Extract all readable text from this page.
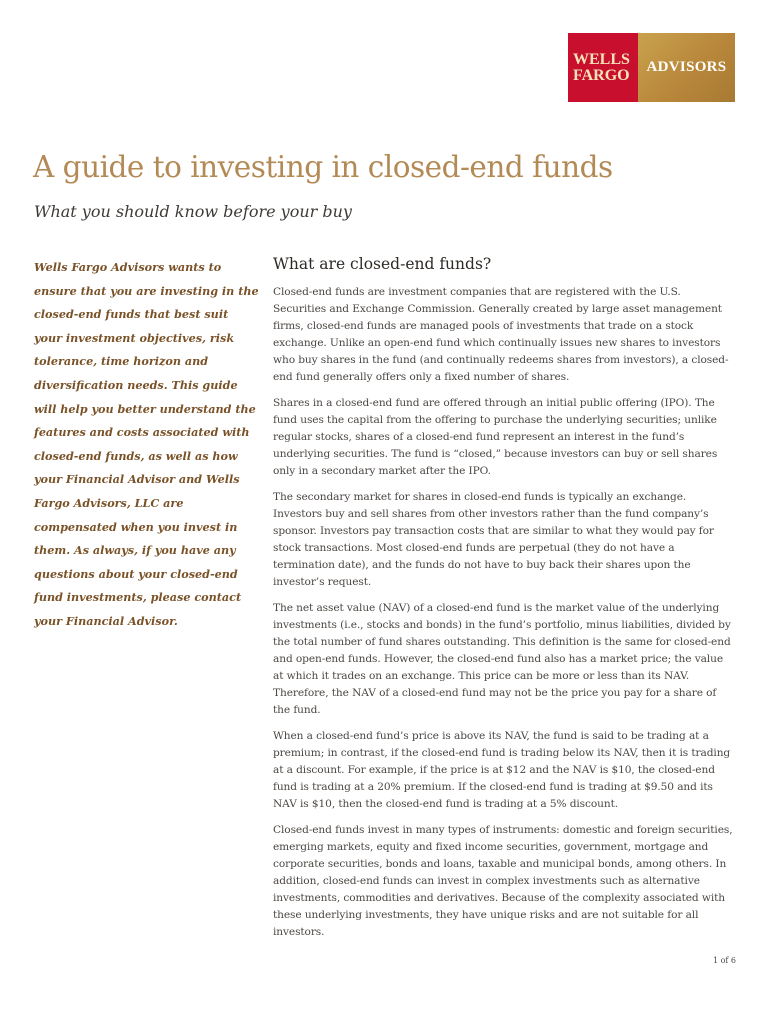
WELLS
FARGO	ADVISORS
A guide to investing in closed-end funds

What you should know before your buy

Wells Fargo Advisors wants to ensure that you are investing in the closed-end funds that best suit your investment objectives, risk tolerance, time horizon and diversification needs. This guide will help you better understand the features and costs associated with closed-end funds, as well as how your Financial Advisor and Wells Fargo Advisors, LLC are compensated when you invest in them. As always, if you have any questions about your closed-end fund investments, please contact your Financial Advisor.

What are closed-end funds?

Closed-end funds are investment companies that are registered with the U.S. Securities and Exchange Commission. Generally created by large asset management firms, closed-end funds are managed pools of investments that trade on a stock exchange. Unlike an open-end fund which continually issues new shares to investors who buy shares in the fund (and continually redeems shares from investors), a closed-end fund generally offers only a fixed number of shares.

Shares in a closed-end fund are offered through an initial public offering (IPO). The fund uses the capital from the offering to purchase the underlying securities; unlike regular stocks, shares of a closed-end fund represent an interest in the fund’s underlying securities. The fund is “closed,” because investors can buy or sell shares only in a secondary market after the IPO.

The secondary market for shares in closed-end funds is typically an exchange. Investors buy and sell shares from other investors rather than the fund company’s sponsor. Investors pay transaction costs that are similar to what they would pay for stock transactions. Most closed-end funds are perpetual (they do not have a termination date), and the funds do not have to buy back their shares upon the investor’s request.

The net asset value (NAV) of a closed-end fund is the market value of the underlying investments (i.e., stocks and bonds) in the fund’s portfolio, minus liabilities, divided by the total number of fund shares outstanding. This definition is the same for closed-end and open-end funds. However, the closed-end fund also has a market price; the value at which it trades on an exchange. This price can be more or less than its NAV. Therefore, the NAV of a closed-end fund may not be the price you pay for a share of the fund.

When a closed-end fund’s price is above its NAV, the fund is said to be trading at a premium; in contrast, if the closed-end fund is trading below its NAV, then it is trading at a discount. For example, if the price is at $12 and the NAV is $10, the closed-end fund is trading at a 20% premium. If the closed-end fund is trading at $9.50 and its NAV is $10, then the closed-end fund is trading at a 5% discount.

Closed-end funds invest in many types of instruments: domestic and foreign securities, emerging markets, equity and fixed income securities, government, mortgage and corporate securities, bonds and loans, taxable and municipal bonds, among others. In addition, closed-end funds can invest in complex investments such as alternative investments, commodities and derivatives. Because of the complexity associated with these underlying investments, they have unique risks and are not suitable for all investors.

1 of 6
